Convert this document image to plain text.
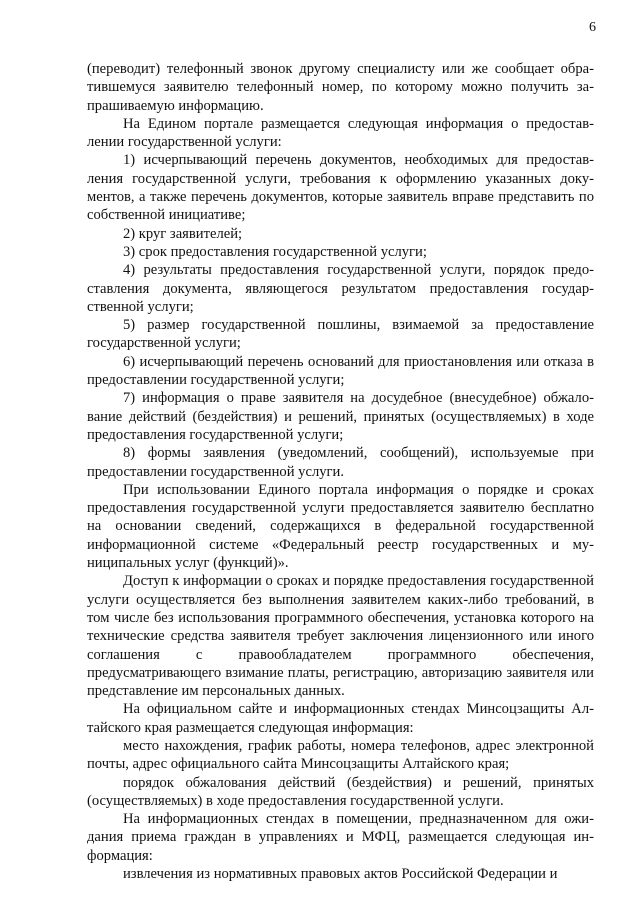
6

(переводит) телефонный звонок другому специалисту или же сообщает обратившемуся заявителю телефонный номер, по которому можно получить запрашиваемую информацию.

На Едином портале размещается следующая информация о предоставлении государственной услуги:

1) исчерпывающий перечень документов, необходимых для предоставления государственной услуги, требования к оформлению указанных документов, а также перечень документов, которые заявитель вправе представить по собственной инициативе;

2) круг заявителей;

3) срок предоставления государственной услуги;

4) результаты предоставления государственной услуги, порядок предоставления документа, являющегося результатом предоставления государственной услуги;

5) размер государственной пошлины, взимаемой за предоставление государственной услуги;

6) исчерпывающий перечень оснований для приостановления или отказа в предоставлении государственной услуги;

7) информация о праве заявителя на досудебное (внесудебное) обжалование действий (бездействия) и решений, принятых (осуществляемых) в ходе предоставления государственной услуги;

8) формы заявления (уведомлений, сообщений), используемые при предоставлении государственной услуги.

При использовании Единого портала информация о порядке и сроках предоставления государственной услуги предоставляется заявителю бесплатно на основании сведений, содержащихся в федеральной государственной информационной системе «Федеральный реестр государственных и муниципальных услуг (функций)».

Доступ к информации о сроках и порядке предоставления государственной услуги осуществляется без выполнения заявителем каких-либо требований, в том числе без использования программного обеспечения, установка которого на технические средства заявителя требует заключения лицензионного или иного соглашения с правообладателем программного обеспечения, предусматривающего взимание платы, регистрацию, авторизацию заявителя или представление им персональных данных.

На официальном сайте и информационных стендах Минсоцзащиты Алтайского края размещается следующая информация:

место нахождения, график работы, номера телефонов, адрес электронной почты, адрес официального сайта Минсоцзащиты Алтайского края;

порядок обжалования действий (бездействия) и решений, принятых (осуществляемых) в ходе предоставления государственной услуги.

На информационных стендах в помещении, предназначенном для ожидания приема граждан в управлениях и МФЦ, размещается следующая информация:

извлечения из нормативных правовых актов Российской Федерации и
